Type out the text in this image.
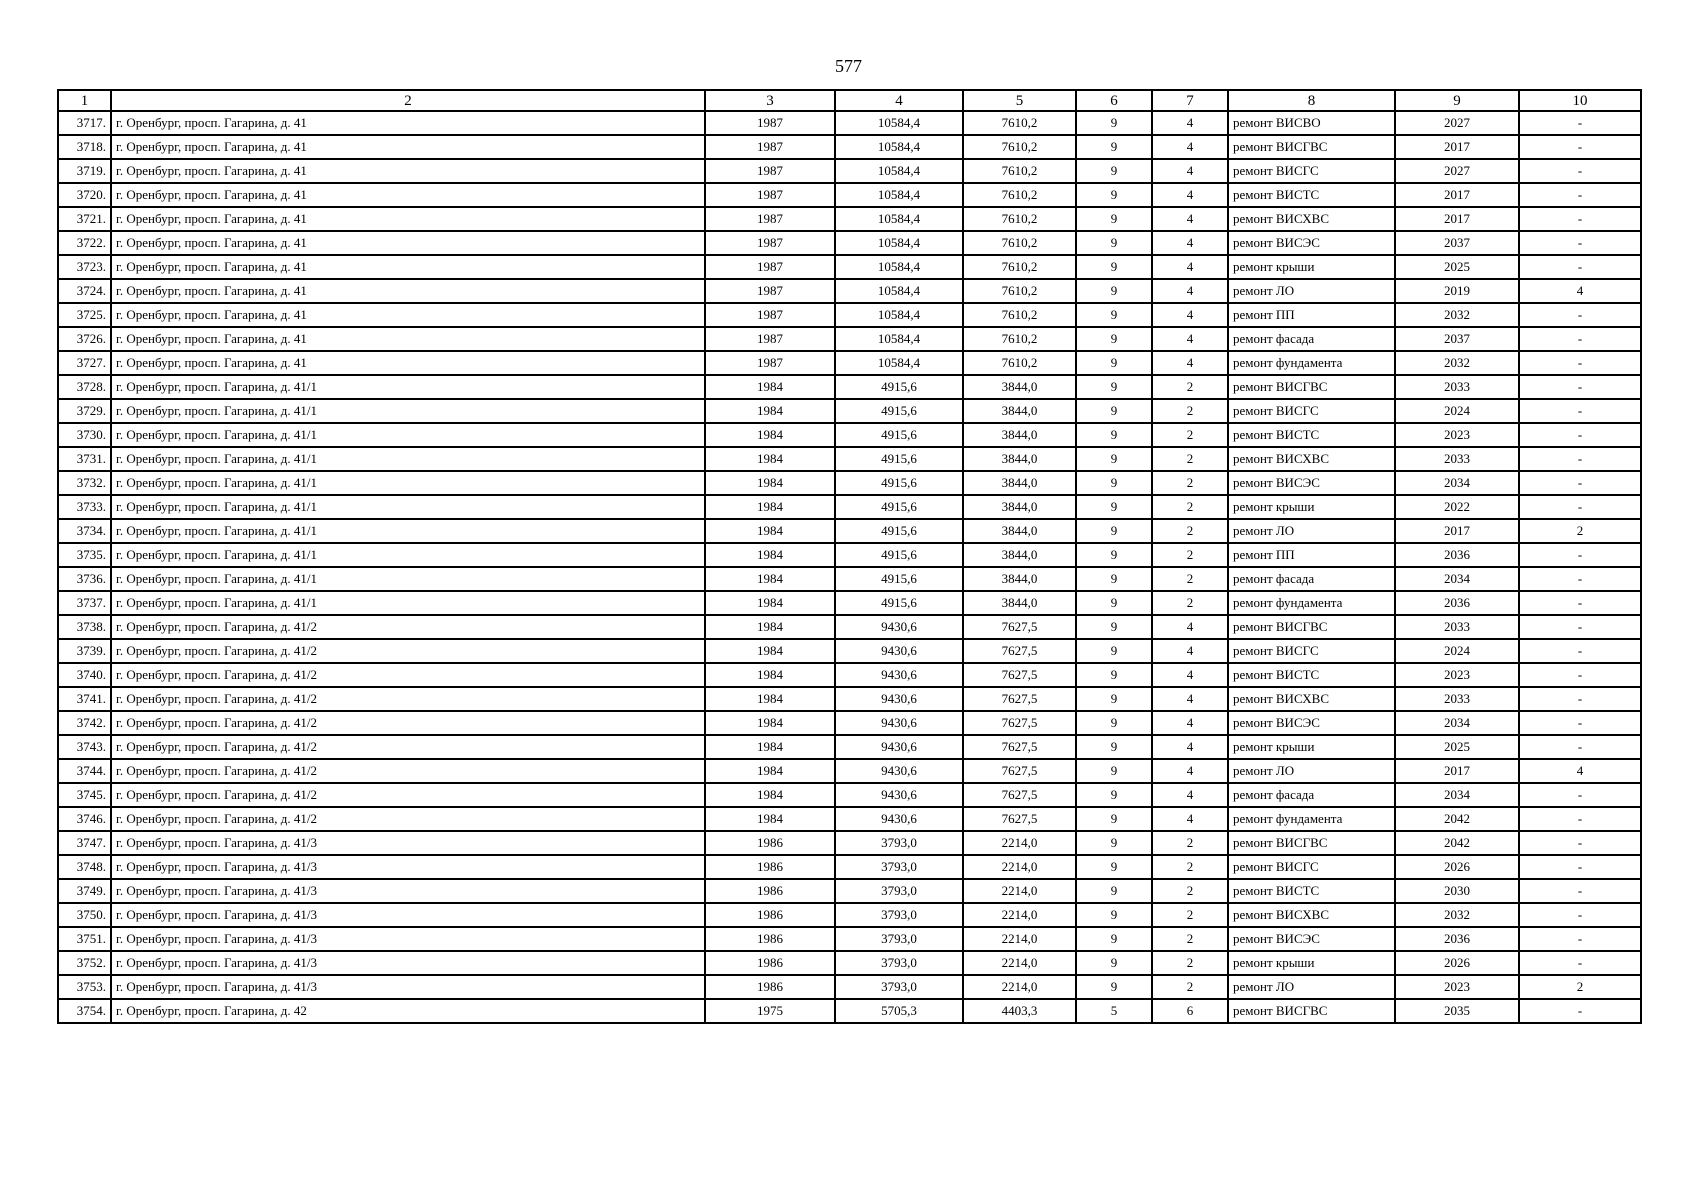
577
1	2	3	4	5	6	7	8	9	10
3717.	г. Оренбург, просп. Гагарина, д. 41	1987	10584,4	7610,2	9	4	ремонт ВИСВО	2027	-
3718.	г. Оренбург, просп. Гагарина, д. 41	1987	10584,4	7610,2	9	4	ремонт ВИСГВС	2017	-
3719.	г. Оренбург, просп. Гагарина, д. 41	1987	10584,4	7610,2	9	4	ремонт ВИСГС	2027	-
3720.	г. Оренбург, просп. Гагарина, д. 41	1987	10584,4	7610,2	9	4	ремонт ВИСТС	2017	-
3721.	г. Оренбург, просп. Гагарина, д. 41	1987	10584,4	7610,2	9	4	ремонт ВИСХВС	2017	-
3722.	г. Оренбург, просп. Гагарина, д. 41	1987	10584,4	7610,2	9	4	ремонт ВИСЭС	2037	-
3723.	г. Оренбург, просп. Гагарина, д. 41	1987	10584,4	7610,2	9	4	ремонт крыши	2025	-
3724.	г. Оренбург, просп. Гагарина, д. 41	1987	10584,4	7610,2	9	4	ремонт ЛО	2019	4
3725.	г. Оренбург, просп. Гагарина, д. 41	1987	10584,4	7610,2	9	4	ремонт ПП	2032	-
3726.	г. Оренбург, просп. Гагарина, д. 41	1987	10584,4	7610,2	9	4	ремонт фасада	2037	-
3727.	г. Оренбург, просп. Гагарина, д. 41	1987	10584,4	7610,2	9	4	ремонт фундамента	2032	-
3728.	г. Оренбург, просп. Гагарина, д. 41/1	1984	4915,6	3844,0	9	2	ремонт ВИСГВС	2033	-
3729.	г. Оренбург, просп. Гагарина, д. 41/1	1984	4915,6	3844,0	9	2	ремонт ВИСГС	2024	-
3730.	г. Оренбург, просп. Гагарина, д. 41/1	1984	4915,6	3844,0	9	2	ремонт ВИСТС	2023	-
3731.	г. Оренбург, просп. Гагарина, д. 41/1	1984	4915,6	3844,0	9	2	ремонт ВИСХВС	2033	-
3732.	г. Оренбург, просп. Гагарина, д. 41/1	1984	4915,6	3844,0	9	2	ремонт ВИСЭС	2034	-
3733.	г. Оренбург, просп. Гагарина, д. 41/1	1984	4915,6	3844,0	9	2	ремонт крыши	2022	-
3734.	г. Оренбург, просп. Гагарина, д. 41/1	1984	4915,6	3844,0	9	2	ремонт ЛО	2017	2
3735.	г. Оренбург, просп. Гагарина, д. 41/1	1984	4915,6	3844,0	9	2	ремонт ПП	2036	-
3736.	г. Оренбург, просп. Гагарина, д. 41/1	1984	4915,6	3844,0	9	2	ремонт фасада	2034	-
3737.	г. Оренбург, просп. Гагарина, д. 41/1	1984	4915,6	3844,0	9	2	ремонт фундамента	2036	-
3738.	г. Оренбург, просп. Гагарина, д. 41/2	1984	9430,6	7627,5	9	4	ремонт ВИСГВС	2033	-
3739.	г. Оренбург, просп. Гагарина, д. 41/2	1984	9430,6	7627,5	9	4	ремонт ВИСГС	2024	-
3740.	г. Оренбург, просп. Гагарина, д. 41/2	1984	9430,6	7627,5	9	4	ремонт ВИСТС	2023	-
3741.	г. Оренбург, просп. Гагарина, д. 41/2	1984	9430,6	7627,5	9	4	ремонт ВИСХВС	2033	-
3742.	г. Оренбург, просп. Гагарина, д. 41/2	1984	9430,6	7627,5	9	4	ремонт ВИСЭС	2034	-
3743.	г. Оренбург, просп. Гагарина, д. 41/2	1984	9430,6	7627,5	9	4	ремонт крыши	2025	-
3744.	г. Оренбург, просп. Гагарина, д. 41/2	1984	9430,6	7627,5	9	4	ремонт ЛО	2017	4
3745.	г. Оренбург, просп. Гагарина, д. 41/2	1984	9430,6	7627,5	9	4	ремонт фасада	2034	-
3746.	г. Оренбург, просп. Гагарина, д. 41/2	1984	9430,6	7627,5	9	4	ремонт фундамента	2042	-
3747.	г. Оренбург, просп. Гагарина, д. 41/3	1986	3793,0	2214,0	9	2	ремонт ВИСГВС	2042	-
3748.	г. Оренбург, просп. Гагарина, д. 41/3	1986	3793,0	2214,0	9	2	ремонт ВИСГС	2026	-
3749.	г. Оренбург, просп. Гагарина, д. 41/3	1986	3793,0	2214,0	9	2	ремонт ВИСТС	2030	-
3750.	г. Оренбург, просп. Гагарина, д. 41/3	1986	3793,0	2214,0	9	2	ремонт ВИСХВС	2032	-
3751.	г. Оренбург, просп. Гагарина, д. 41/3	1986	3793,0	2214,0	9	2	ремонт ВИСЭС	2036	-
3752.	г. Оренбург, просп. Гагарина, д. 41/3	1986	3793,0	2214,0	9	2	ремонт крыши	2026	-
3753.	г. Оренбург, просп. Гагарина, д. 41/3	1986	3793,0	2214,0	9	2	ремонт ЛО	2023	2
3754.	г. Оренбург, просп. Гагарина, д. 42	1975	5705,3	4403,3	5	6	ремонт ВИСГВС	2035	-
